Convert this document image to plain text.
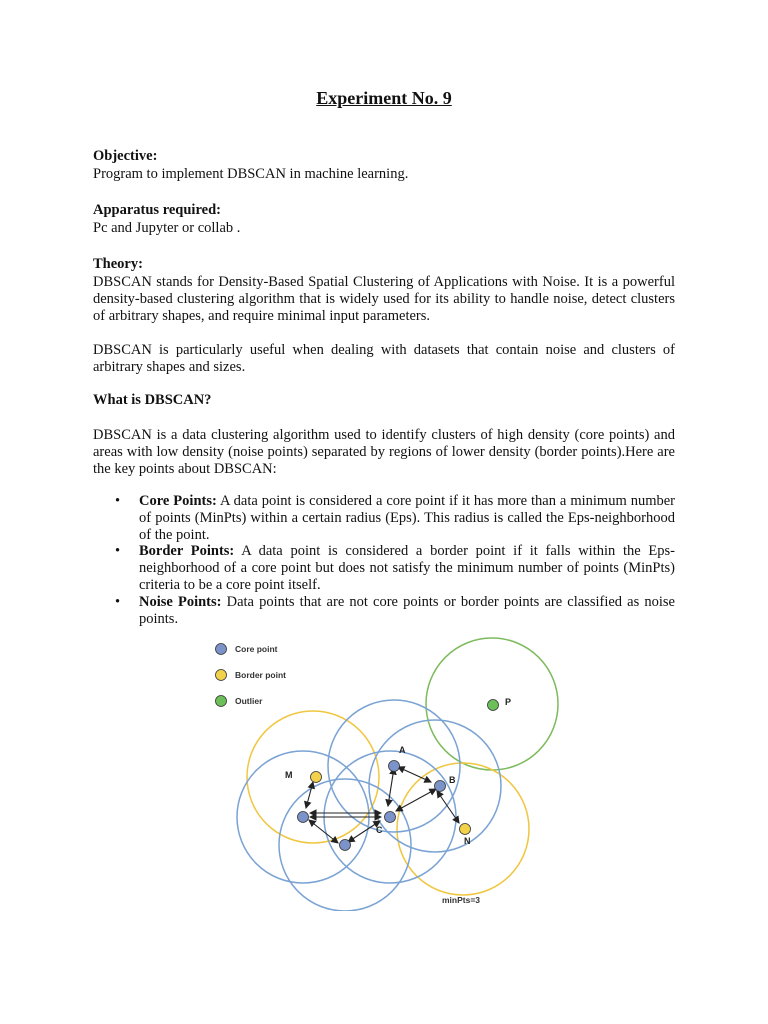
Experiment No. 9
Objective:
Program to implement DBSCAN in machine learning.
Apparatus required:
Pc and Jupyter or collab .
Theory:
DBSCAN stands for Density-Based Spatial Clustering of Applications with Noise. It is a powerful density-based clustering algorithm that is widely used for its ability to handle noise, detect clusters of arbitrary shapes, and require minimal input parameters.
DBSCAN is particularly useful when dealing with datasets that contain noise and clusters of arbitrary shapes and sizes.
What is DBSCAN?
DBSCAN is a data clustering algorithm used to identify clusters of high density (core points) and areas with low density (noise points) separated by regions of lower density (border points).Here are the key points about DBSCAN:
• Core Points: A data point is considered a core point if it has more than a minimum number of points (MinPts) within a certain radius (Eps). This radius is called the Eps-neighborhood of the point.
• Border Points: A data point is considered a border point if it falls within the Eps-neighborhood of a core point but does not satisfy the minimum number of points (MinPts) criteria to be a core point itself.
• Noise Points: Data points that are not core points or border points are classified as noise points.
A
B
C
M
N
P
Core point
Border point
Outlier
minPts=3
